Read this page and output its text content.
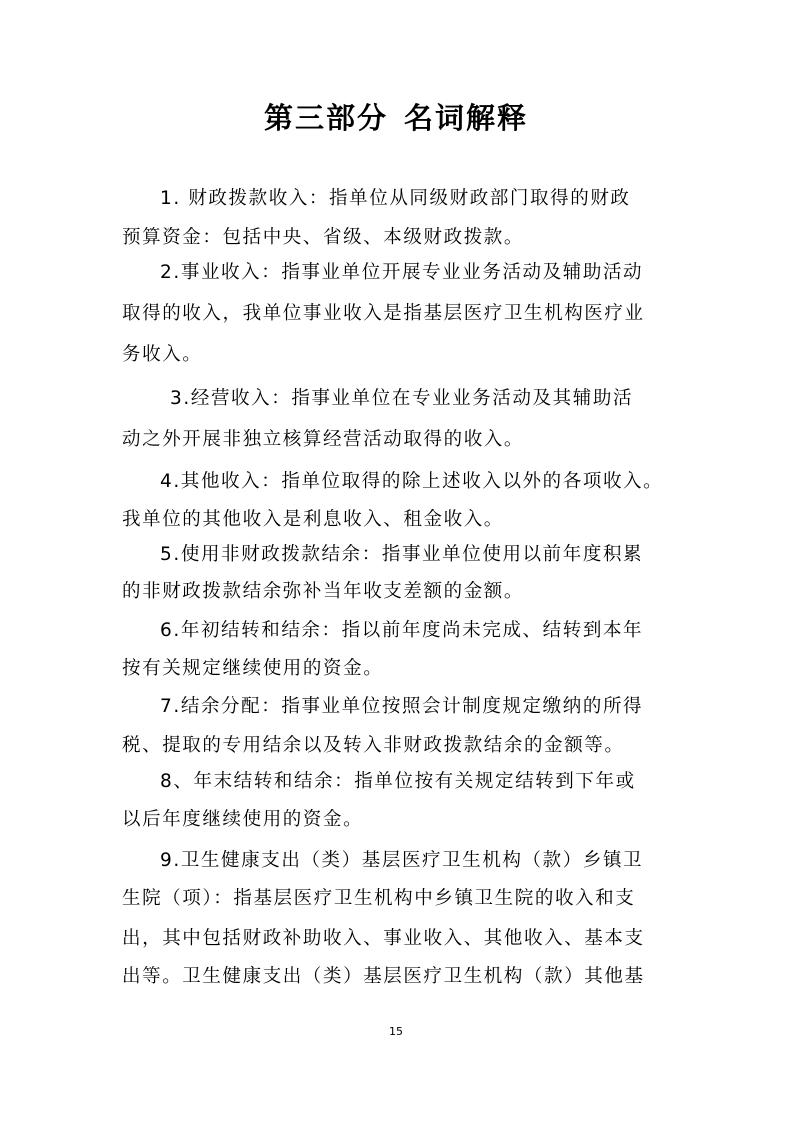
第三部分 名词解释
1. 财政拨款收入：指单位从同级财政部门取得的财政
预算资金：包括中央、省级、本级财政拨款。
2.事业收入：指事业单位开展专业业务活动及辅助活动
取得的收入，我单位事业收入是指基层医疗卫生机构医疗业
务收入。
3.经营收入：指事业单位在专业业务活动及其辅助活
动之外开展非独立核算经营活动取得的收入。
4.其他收入：指单位取得的除上述收入以外的各项收入。
我单位的其他收入是利息收入、租金收入。
5.使用非财政拨款结余：指事业单位使用以前年度积累
的非财政拨款结余弥补当年收支差额的金额。
6.年初结转和结余：指以前年度尚未完成、结转到本年
按有关规定继续使用的资金。
7.结余分配：指事业单位按照会计制度规定缴纳的所得
税、提取的专用结余以及转入非财政拨款结余的金额等。
8、年末结转和结余：指单位按有关规定结转到下年或
以后年度继续使用的资金。
9.卫生健康支出（类）基层医疗卫生机构（款）乡镇卫
生院（项）：指基层医疗卫生机构中乡镇卫生院的收入和支
出，其中包括财政补助收入、事业收入、其他收入、基本支
出等。卫生健康支出（类）基层医疗卫生机构（款）其他基
15
